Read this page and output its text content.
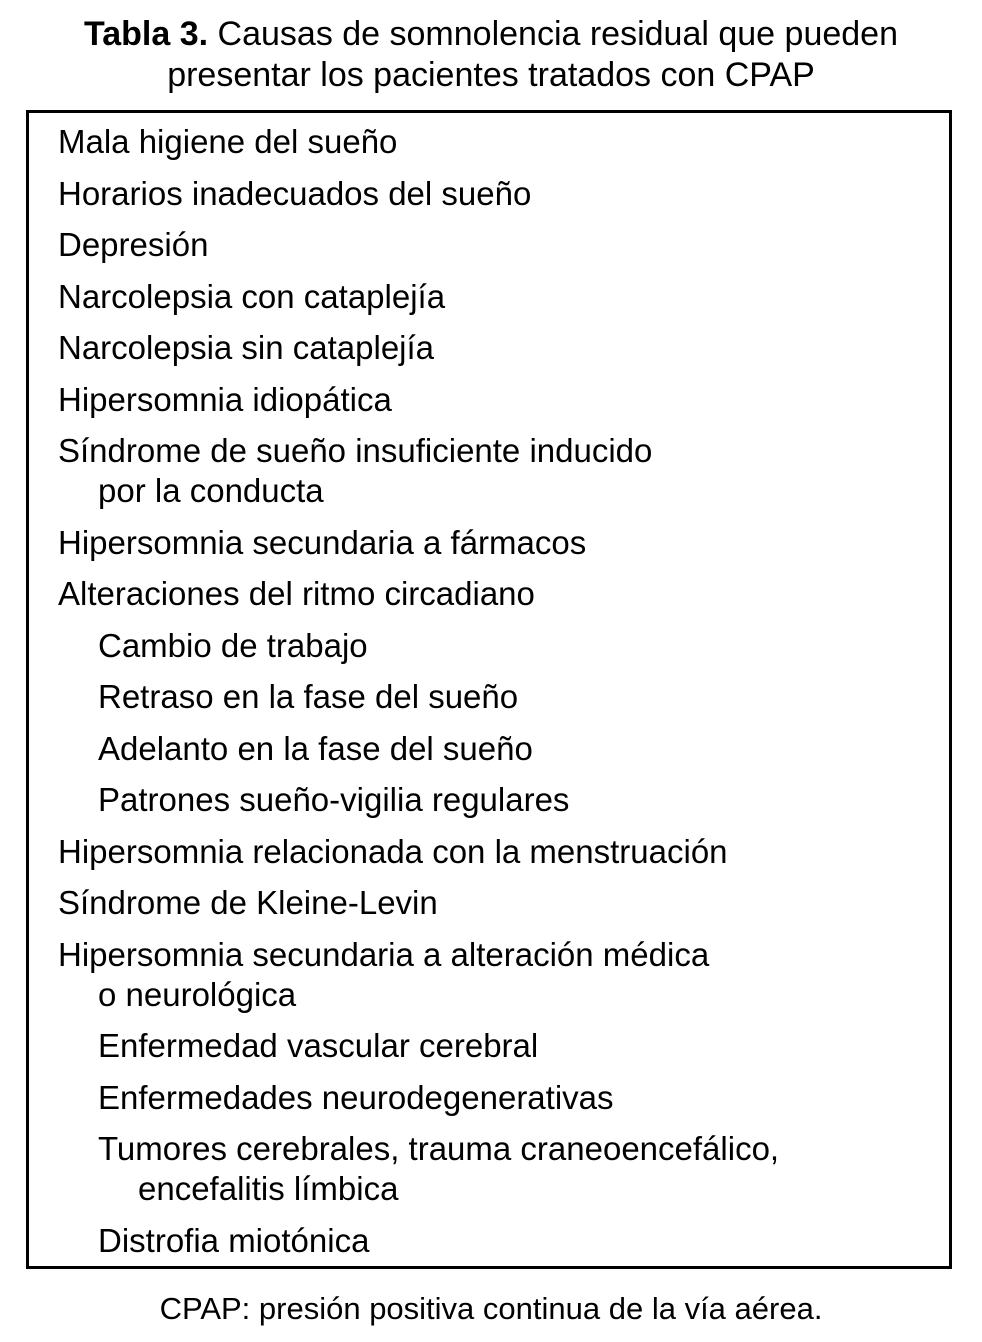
Tabla 3. Causas de somnolencia residual que pueden
presentar los pacientes tratados con CPAP
Mala higiene del sueño
Horarios inadecuados del sueño
Depresión
Narcolepsia con cataplejía
Narcolepsia sin cataplejía
Hipersomnia idiopática
Síndrome de sueño insuficiente inducido
por la conducta
Hipersomnia secundaria a fármacos
Alteraciones del ritmo circadiano
Cambio de trabajo
Retraso en la fase del sueño
Adelanto en la fase del sueño
Patrones sueño-vigilia regulares
Hipersomnia relacionada con la menstruación
Síndrome de Kleine-Levin
Hipersomnia secundaria a alteración médica
o neurológica
Enfermedad vascular cerebral
Enfermedades neurodegenerativas
Tumores cerebrales, trauma craneoencefálico,
encefalitis límbica
Distrofia miotónica
CPAP: presión positiva continua de la vía aérea.
